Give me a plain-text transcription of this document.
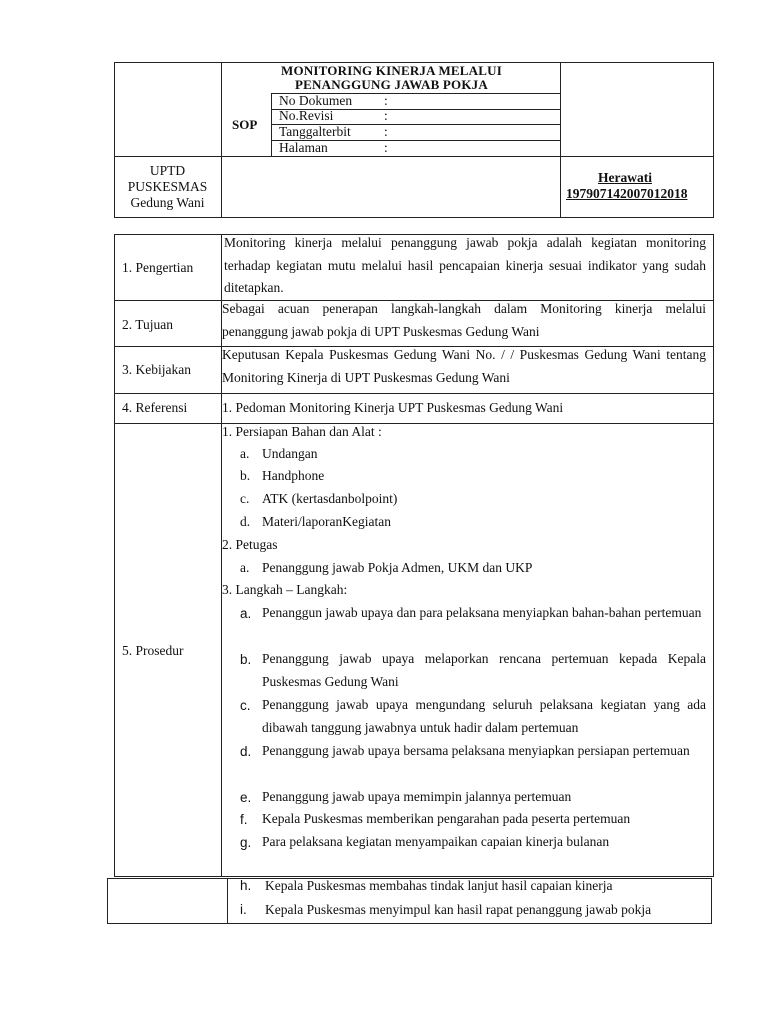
MONITORING KINERJA MELALUI
PENANGGUNG JAWAB POKJA
SOP
No Dokumen :
No.Revisi	:
Tanggalterbit :
Halaman	:
UPTD
PUSKESMAS
Gedung Wani
Herawati
197907142007012018
1. Pengertian
2. Tujuan
3. Kebijakan
4. Referensi
5. Prosedur
Monitoring kinerja melalui penanggung jawab pokja adalah kegiatan monitoring terhadap kegiatan mutu melalui hasil pencapaian kinerja sesuai indikator yang sudah ditetapkan.
Sebagai acuan penerapan langkah-langkah dalam Monitoring kinerja melalui penanggung jawab pokja di UPT Puskesmas Gedung Wani
Keputusan Kepala Puskesmas Gedung Wani No. / / Puskesmas Gedung Wani tentang Monitoring Kinerja di UPT Puskesmas Gedung Wani
1. Pedoman Monitoring Kinerja UPT Puskesmas Gedung Wani
1. Persiapan Bahan dan Alat :
a. Undangan
b. Handphone
c. ATK (kertasdanbolpoint)
d. Materi/laporanKegiatan
2. Petugas
a. Penanggung jawab Pokja Admen, UKM dan UKP
3. Langkah – Langkah:
a. Penanggun jawab upaya dan para pelaksana menyiapkan bahan-bahan pertemuan
b. Penanggung jawab upaya melaporkan rencana pertemuan kepada Kepala Puskesmas Gedung Wani
c. Penanggung jawab upaya mengundang seluruh pelaksana kegiatan yang ada dibawah tanggung jawabnya untuk hadir dalam pertemuan
d. Penanggung jawab upaya bersama pelaksana menyiapkan persiapan pertemuan
e. Penanggung jawab upaya memimpin jalannya pertemuan
f. Kepala Puskesmas memberikan pengarahan pada peserta pertemuan
g. Para pelaksana kegiatan menyampaikan capaian kinerja bulanan
h. Kepala Puskesmas membahas tindak lanjut hasil capaian kinerja
i. Kepala Puskesmas menyimpul kan hasil rapat penanggung jawab pokja
